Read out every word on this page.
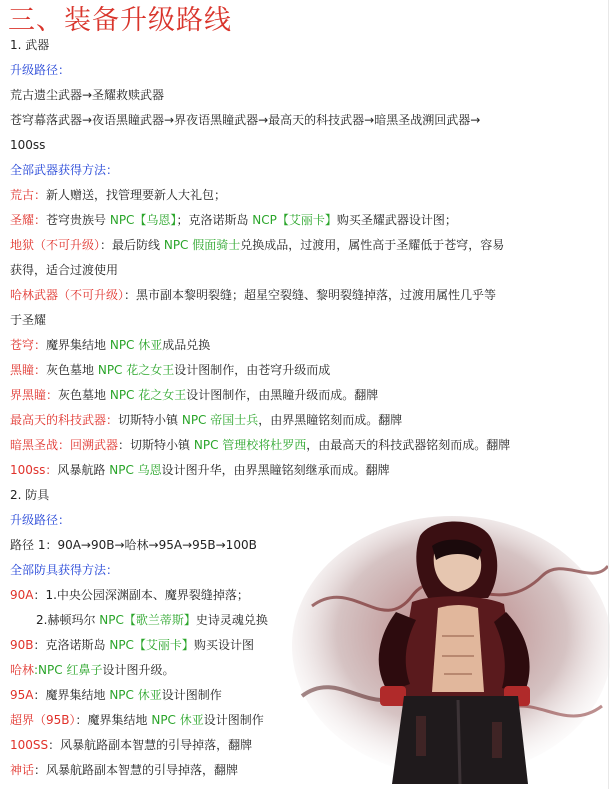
三、装备升级路线
1. 武器
升级路径：
荒古遗尘武器→圣耀救赎武器
苍穹幕落武器→夜语黑瞳武器→界夜语黑瞳武器→最高天的科技武器→暗黑圣战溯回武器→
100ss
全部武器获得方法：
荒古：新人赠送，找管理要新人大礼包；
圣耀：苍穹贵族号 NPC【乌恩】；克洛诺斯岛 NCP【艾丽卡】购买圣耀武器设计图；
地狱（不可升级）：最后防线 NPC 假面骑士兑换成品，过渡用，属性高于圣耀低于苍穹，容易
获得，适合过渡使用
哈林武器（不可升级）：黑市副本黎明裂缝；超星空裂缝、黎明裂缝掉落，过渡用属性几乎等
于圣耀
苍穹：魔界集结地 NPC 休亚成品兑换
黑瞳：灰色墓地 NPC 花之女王设计图制作，由苍穹升级而成
界黑瞳：灰色墓地 NPC 花之女王设计图制作，由黑瞳升级而成。翻牌
最高天的科技武器：切斯特小镇 NPC 帝国士兵，由界黑瞳铭刻而成。翻牌
暗黑圣战：回溯武器：切斯特小镇 NPC 管理校将杜罗西，由最高天的科技武器铭刻而成。翻牌
100ss：风暴航路 NPC 乌恩设计图升华，由界黑瞳铭刻继承而成。翻牌
2. 防具
升级路径：
路径 1：90A→90B→哈林→95A→95B→100B
全部防具获得方法：
90A：1.中央公园深渊副本、魔界裂缝掉落；
2.赫顿玛尔 NPC【歌兰蒂斯】史诗灵魂兑换
90B：克洛诺斯岛 NPC【艾丽卡】购买设计图
哈林:NPC 红鼻子设计图升级。
95A：魔界集结地 NPC 休亚设计图制作
超界（95B）：魔界集结地 NPC 休亚设计图制作
100SS：风暴航路副本智慧的引导掉落，翻牌
神话：风暴航路副本智慧的引导掉落，翻牌
